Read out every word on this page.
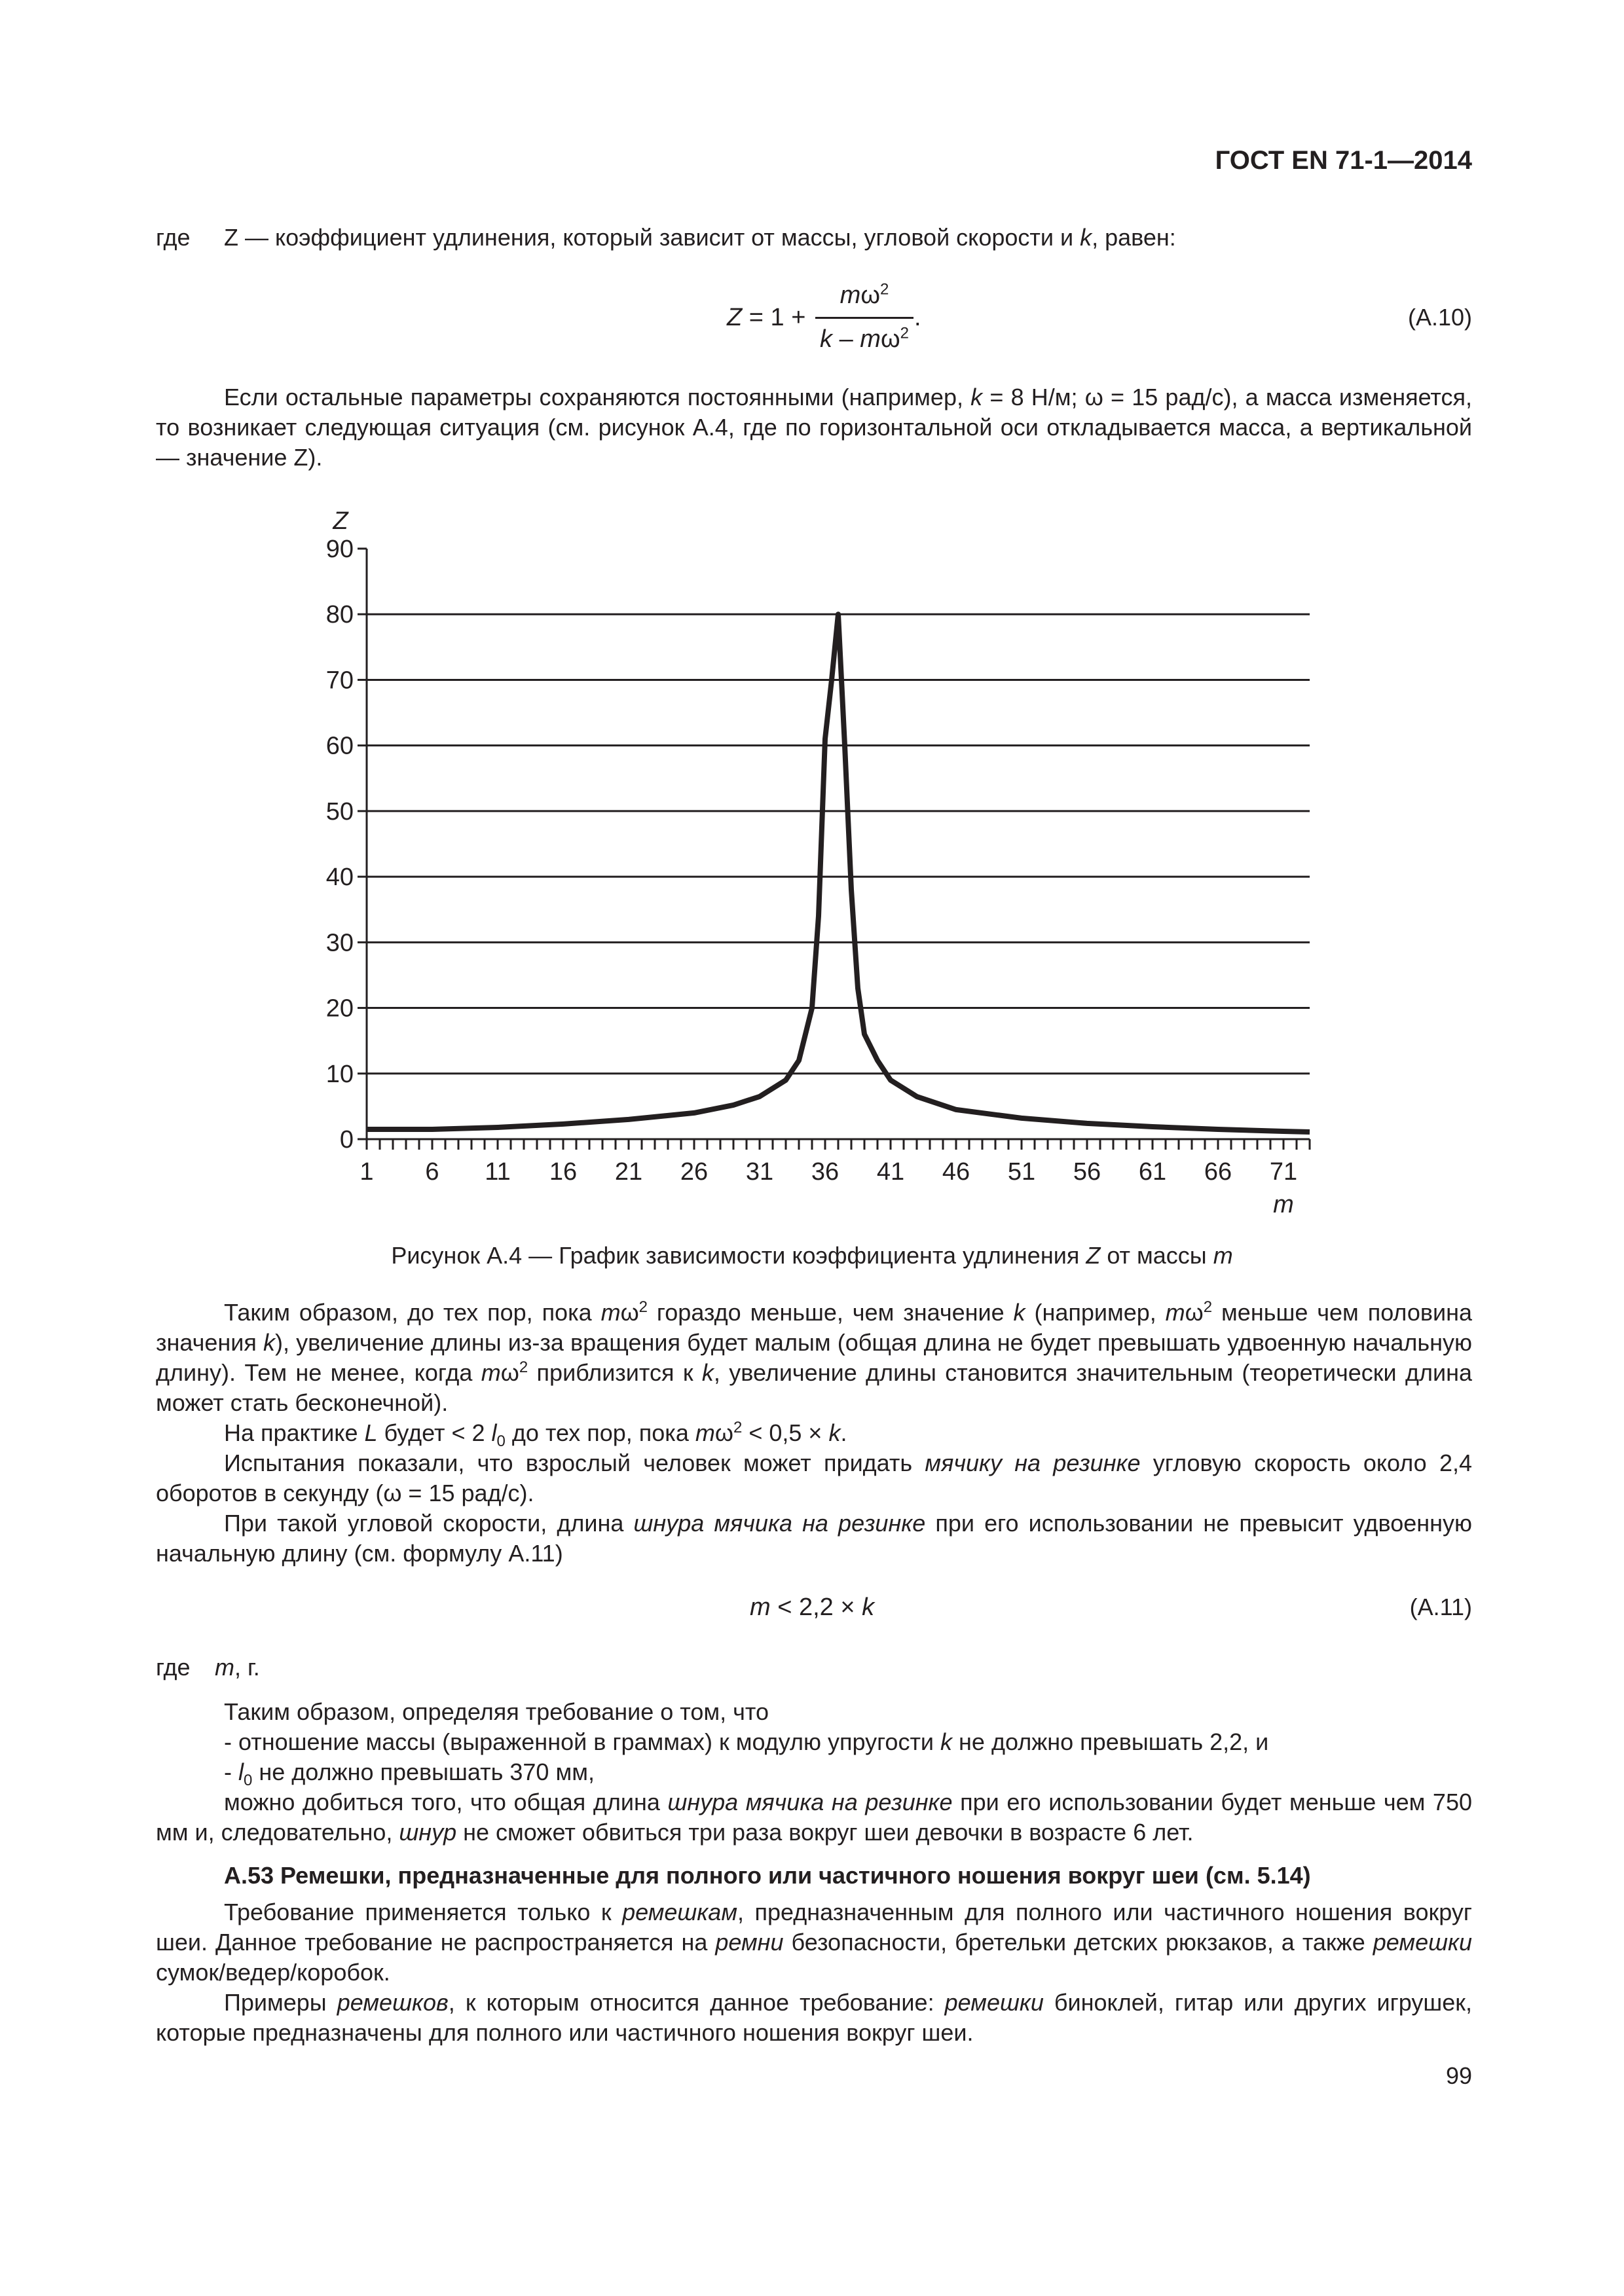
ГОСТ EN 71-1—2014
где Z — коэффициент удлинения, который зависит от массы, угловой скорости и k, равен:
Z = 1 +
$m\omega^2$
k – $m\omega^2$
.	(A.10)
Если остальные параметры сохраняются постоянными (например, k = 8 Н/м; ω = 15 рад/с), а масса изменяется, то возникает следующая ситуация (см. рисунок А.4, где по горизонтальной оси откладывается масса, а вертикальной — значение Z).
0
10
20
30
40
50
60
70
80
90
1 6 11 16 21 26 31 36 41 46 51 56 61 66 71
Z
m
Рисунок А.4 — График зависимости коэффициента удлинения Z от массы m
Таким образом, до тех пор, пока $m\omega^2$ гораздо меньше, чем значение k (например, $m\omega^2$ меньше чем половина значения k), увеличение длины из-за вращения будет малым (общая длина не будет превышать удвоенную начальную длину). Тем не менее, когда $m\omega^2$ приблизится к k, увеличение длины становится значительным (теоретически длина может стать бесконечной).
На практике L будет < 2 $l_0$ до тех пор, пока $m\omega^2 < 0,5 \times k$.
Испытания показали, что взрослый человек может придать мячику на резинке угловую скорость около 2,4 оборотов в секунду (ω = 15 рад/с).
При такой угловой скорости, длина шнура мячика на резинке при его использовании не превысит удвоенную начальную длину (см. формулу А.11)
m < 2,2 × k	(A.11)
где m, г.
Таким образом, определяя требование о том, что
- отношение массы (выраженной в граммах) к модулю упругости k не должно превышать 2,2, и
- $l_0$ не должно превышать 370 мм,
можно добиться того, что общая длина шнура мячика на резинке при его использовании будет меньше чем 750 мм и, следовательно, шнур не сможет обвиться три раза вокруг шеи девочки в возрасте 6 лет.
А.53 Ремешки, предназначенные для полного или частичного ношения вокруг шеи (см. 5.14)
Требование применяется только к ремешкам, предназначенным для полного или частичного ношения вокруг шеи. Данное требование не распространяется на ремни безопасности, бретельки детских рюкзаков, а также ремешки сумок/ведер/коробок.
Примеры ремешков, к которым относится данное требование: ремешки биноклей, гитар или других игрушек, которые предназначены для полного или частичного ношения вокруг шеи.
99
